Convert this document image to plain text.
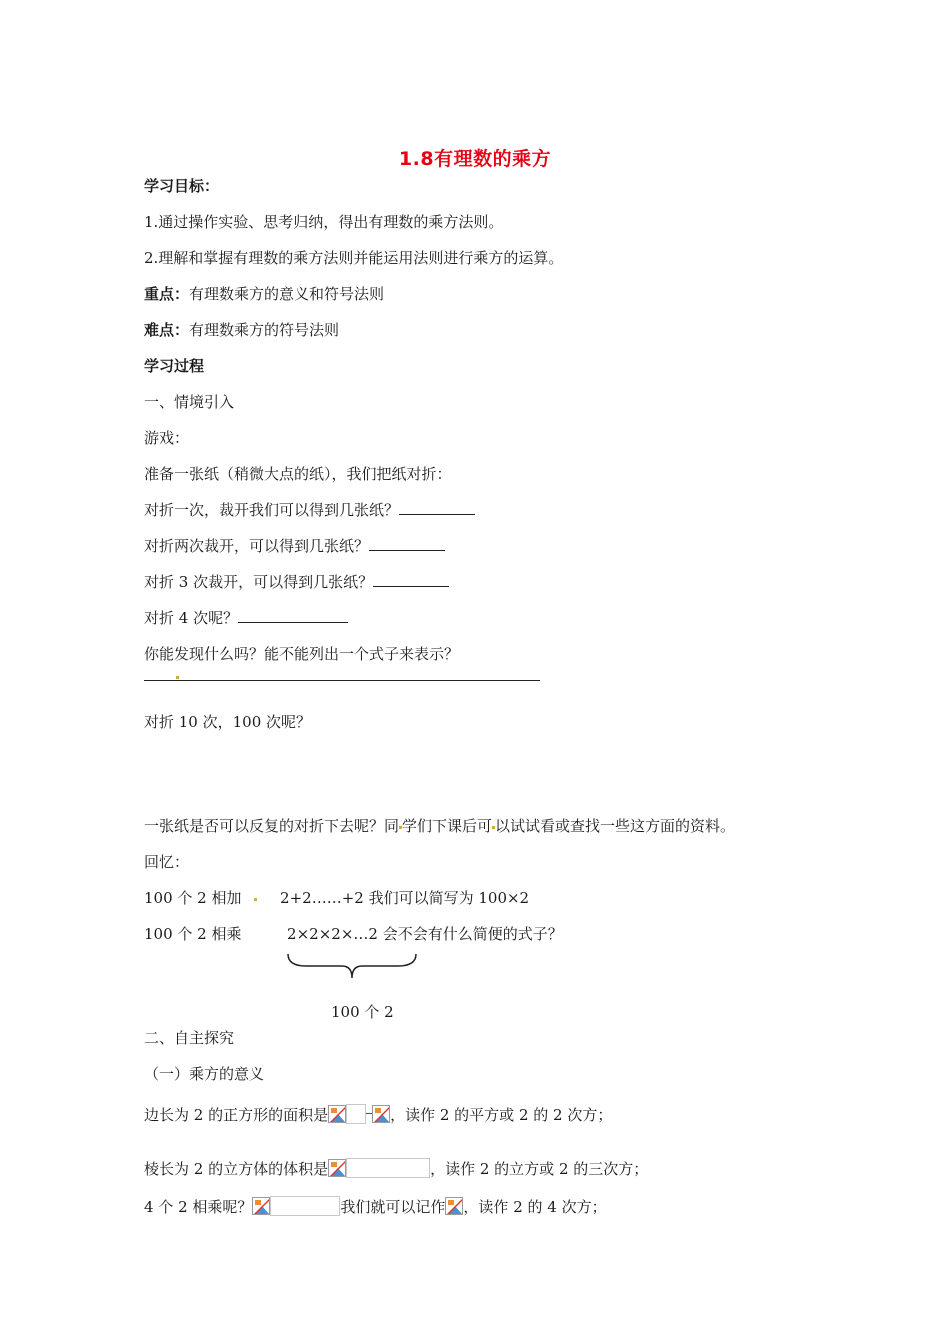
1.8有理数的乘方
学习目标：
1.通过操作实验、思考归纳，得出有理数的乘方法则。
2.理解和掌握有理数的乘方法则并能运用法则进行乘方的运算。
重点：有理数乘方的意义和符号法则
难点：有理数乘方的符号法则
学习过程
一、情境引入
游戏：
准备一张纸（稍微大点的纸），我们把纸对折：
对折一次，裁开我们可以得到几张纸？
对折两次裁开，可以得到几张纸？
对折 3 次裁开，可以得到几张纸？
对折 4 次呢？
你能发现什么吗？能不能列出一个式子来表示？
对折 10 次，100 次呢？
一张纸是否可以反复的对折下去呢？同 学们下课后可 以试试看或查找一些这方面的资料。
回忆：
100 个 2 相加	2+2……+2 我们可以简写为 100×2
100 个 2 相乘	2×2×2×…2 会不会有什么简便的式子？
100 个 2
二、自主探究
（一）乘方的意义
边长为 2 的正方形的面积是	，读作 2 的平方或 2 的 2 次方；
棱长为 2 的立方体的体积是	，读作 2 的立方或 2 的三次方；
4 个 2 相乘呢？	我们就可以记作 ，读作 2 的 4 次方；
